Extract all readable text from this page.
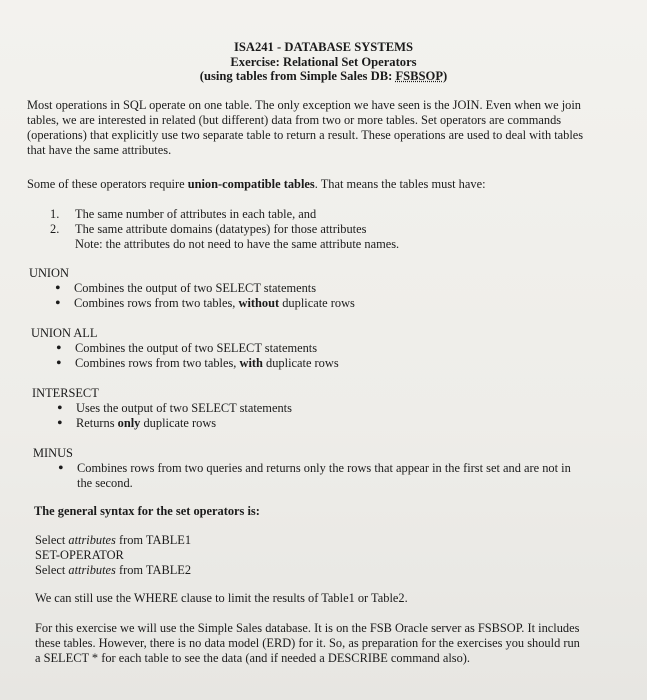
ISA241 - DATABASE SYSTEMS
Exercise: Relational Set Operators
(using tables from Simple Sales DB: FSBSOP)

Most operations in SQL operate on one table. The only exception we have seen is the JOIN. Even when we join tables, we are interested in related (but different) data from two or more tables. Set operators are commands (operations) that explicitly use two separate table to return a result. These operations are used to deal with tables that have the same attributes.

Some of these operators require union-compatible tables. That means the tables must have:

1. The same number of attributes in each table, and
2. The same attribute domains (datatypes) for those attributes
Note: the attributes do not need to have the same attribute names.
UNION
• Combines the output of two SELECT statements
• Combines rows from two tables, without duplicate rows
UNION ALL
• Combines the output of two SELECT statements
• Combines rows from two tables, with duplicate rows
INTERSECT
• Uses the output of two SELECT statements
• Returns only duplicate rows
MINUS
• Combines rows from two queries and returns only the rows that appear in the first set and are not in the second.

The general syntax for the set operators is:

Select attributes from TABLE1
SET-OPERATOR
Select attributes from TABLE2

We can still use the WHERE clause to limit the results of Table1 or Table2.

For this exercise we will use the Simple Sales database. It is on the FSB Oracle server as FSBSOP. It includes these tables. However, there is no data model (ERD) for it. So, as preparation for the exercises you should run a SELECT * for each table to see the data (and if needed a DESCRIBE command also).
